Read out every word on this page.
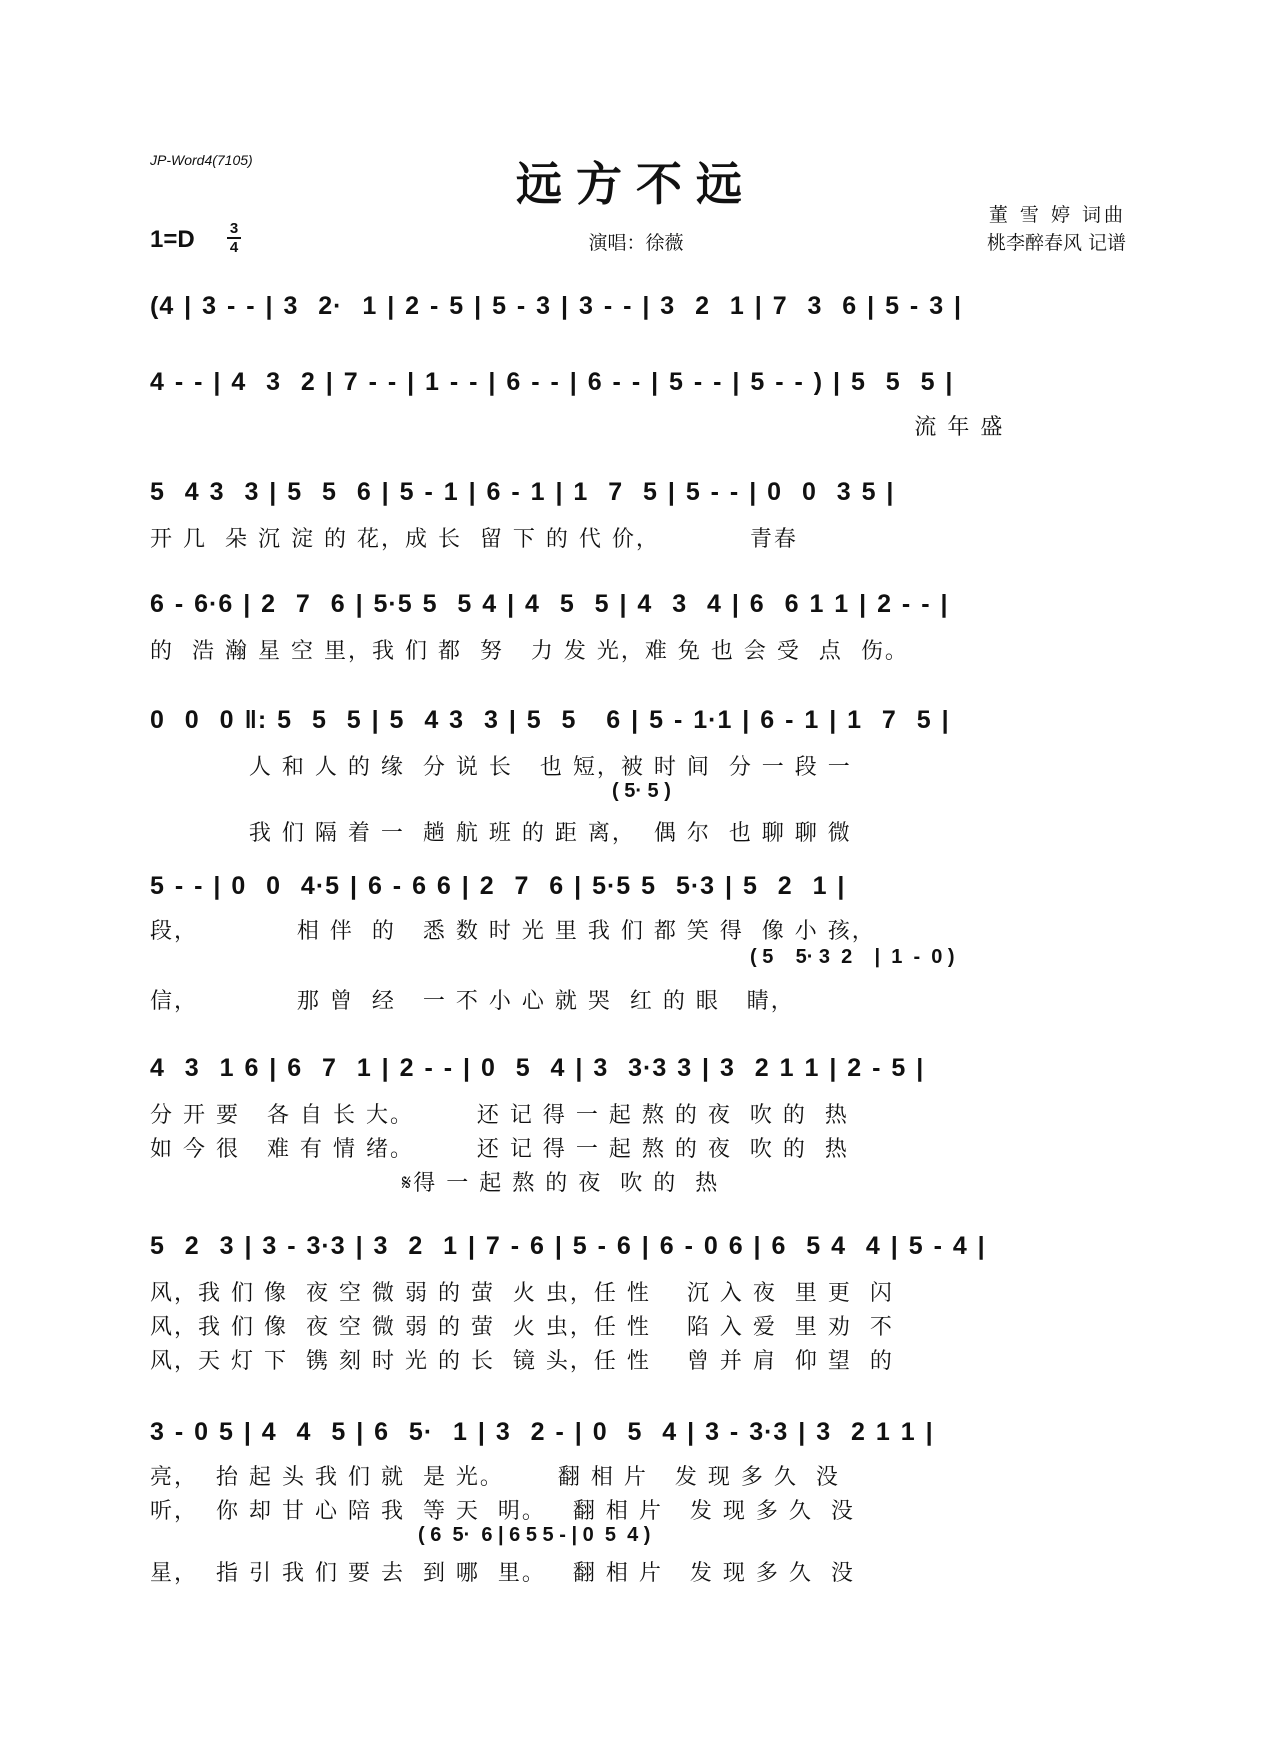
JP-Word4(7105)	远方不远
1=D 3
4	演唱：徐薇
董 雪 婷 词曲
桃李醉春风 记谱
(4 | 3 - - | 3  2·  1 | 2 - 5 | 5 - 3 | 3 - - | 3  2  1 | 7  3  6 | 5 - 3 |
4 - - | 4  3  2 | 7 - - | 1 - - | 6 - - | 6 - - | 5 - - | 5 - - ) | 5  5  5 |
流 年 盛
5  4 3  3 | 5  5  6 | 5 - 1 | 6 - 1 | 1  7  5 | 5 - - | 0  0  3 5 |
开 几  朵 沉 淀 的 花，成 长  留 下 的 代 价，          青春
6 - 6·6 | 2  7  6 | 5·5 5  5 4 | 4  5  5 | 4  3  4 | 6  6 1 1 | 2 - - |
的  浩 瀚 星 空 里，我 们 都  努   力 发 光，难 免 也 会 受  点  伤。
0  0  0 ‖: 5  5  5 | 5  4 3  3 | 5  5   6 | 5 - 1·1 | 6 - 1 | 1  7  5 |
人 和 人 的 缘  分 说 长   也 短，被 时 间  分 一 段 一
( 5· 5 )
我 们 隔 着 一  趟 航 班 的 距 离，  偶 尔  也 聊 聊 微
5 - - | 0  0  4·5 | 6 - 6 6 | 2  7  6 | 5·5 5  5·3 | 5  2  1 |
段，           相 伴  的   悉 数 时 光 里 我 们 都 笑 得  像 小 孩，
( 5    5· 3  2    |  1  -  0 )
信，           那 曾  经   一 不 小 心 就 哭  红 的 眼   睛，
4  3  1 6 | 6  7  1 | 2 - - | 0  5  4 | 3  3·3 3 | 3  2 1 1 | 2 - 5 |
分 开 要   各 自 长 大。       还 记 得 一 起 熬 的 夜  吹 的  热
如 今 很   难 有 情 绪。       还 记 得 一 起 熬 的 夜  吹 的  热
𝄋得 一 起 熬 的 夜  吹 的  热
5  2  3 | 3 - 3·3 | 3  2  1 | 7 - 6 | 5 - 6 | 6 - 0 6 | 6  5 4  4 | 5 - 4 |
风，我 们 像  夜 空 微 弱 的 萤  火 虫，任 性    沉 入 夜  里 更  闪
风，我 们 像  夜 空 微 弱 的 萤  火 虫，任 性    陷 入 爱  里 劝  不
风，天 灯 下  镌 刻 时 光 的 长  镜 头，任 性    曾 并 肩  仰 望  的
3 - 0 5 | 4  4  5 | 6  5·  1 | 3  2 - | 0  5  4 | 3 - 3·3 | 3  2 1 1 |
亮，  抬 起 头 我 们 就  是 光。      翻 相 片   发 现 多 久  没
听，  你 却 甘 心 陪 我  等 天  明。   翻 相 片   发 现 多 久  没
( 6  5·  6 | 6 5 5 - | 0  5  4 )
星，  指 引 我 们 要 去  到 哪  里。   翻 相 片   发 现 多 久  没
